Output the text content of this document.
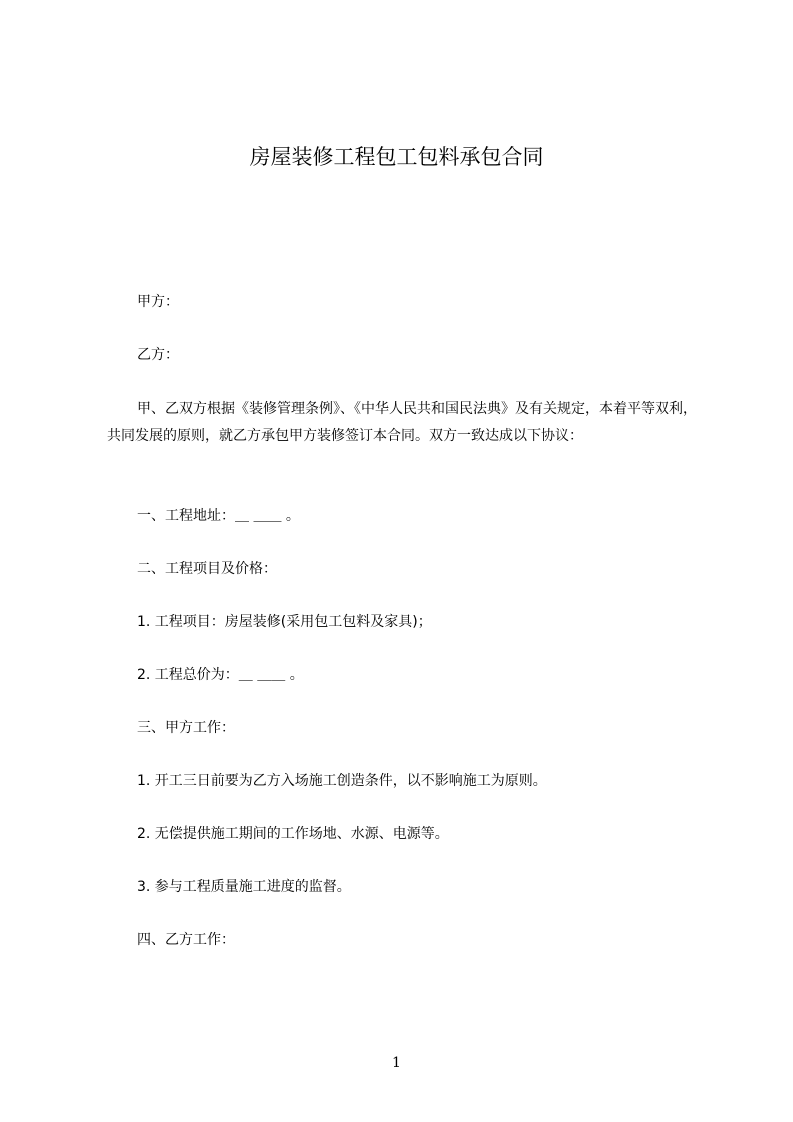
房屋装修工程包工包料承包合同
甲方：
乙方：
甲、乙双方根据《装修管理条例》、《中华人民共和国民法典》及有关规定，本着平等双利，共同发展的原则，就乙方承包甲方装修签订本合同。双方一致达成以下协议：
一、工程地址：＿ ＿＿ 。
二、工程项目及价格：
1. 工程项目：房屋装修(采用包工包料及家具)；
2. 工程总价为：＿ ＿＿ 。
三、甲方工作：
1. 开工三日前要为乙方入场施工创造条件，以不影响施工为原则。
2. 无偿提供施工期间的工作场地、水源、电源等。
3. 参与工程质量施工进度的监督。
四、乙方工作：
1
